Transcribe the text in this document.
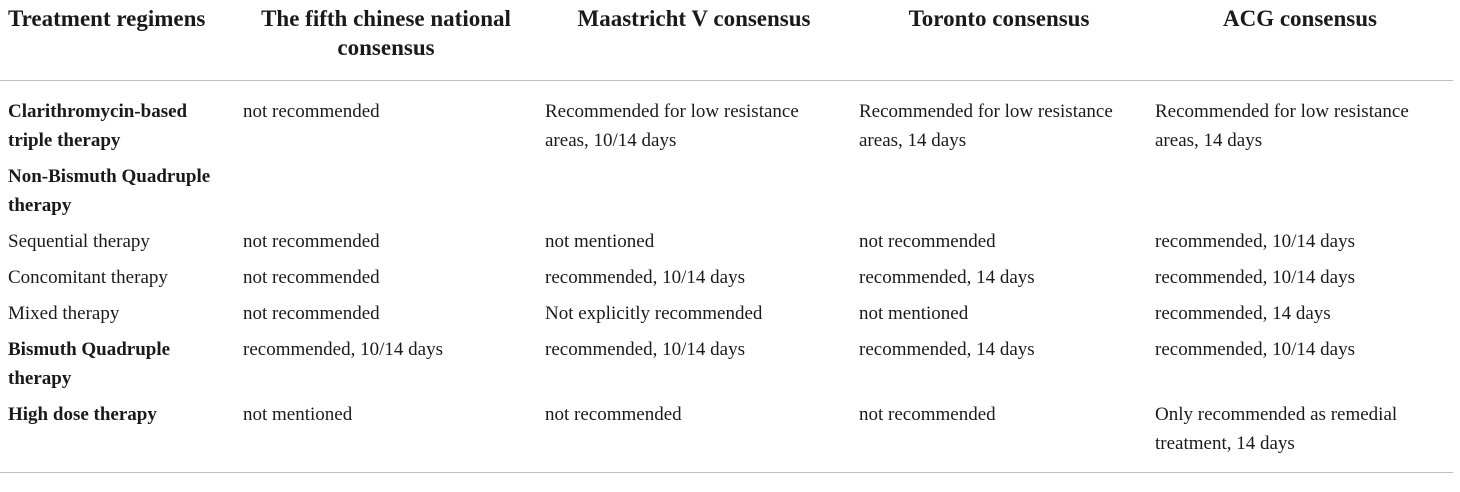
Treatment regimens	The fifth chinese national consensus	Maastricht V consensus	Toronto consensus	ACG consensus
Clarithromycin-based triple therapy	not recommended	Recommended for low resistance areas, 10/14 days	Recommended for low resistance areas, 14 days	Recommended for low resistance areas, 14 days
Non-Bismuth Quadruple therapy				
Sequential therapy	not recommended	not mentioned	not recommended	recommended, 10/14 days
Concomitant therapy	not recommended	recommended, 10/14 days	recommended, 14 days	recommended, 10/14 days
Mixed therapy	not recommended	Not explicitly recommended	not mentioned	recommended, 14 days
Bismuth Quadruple therapy	recommended, 10/14 days	recommended, 10/14 days	recommended, 14 days	recommended, 10/14 days
High dose therapy	not mentioned	not recommended	not recommended	Only recommended as remedial treatment, 14 days
